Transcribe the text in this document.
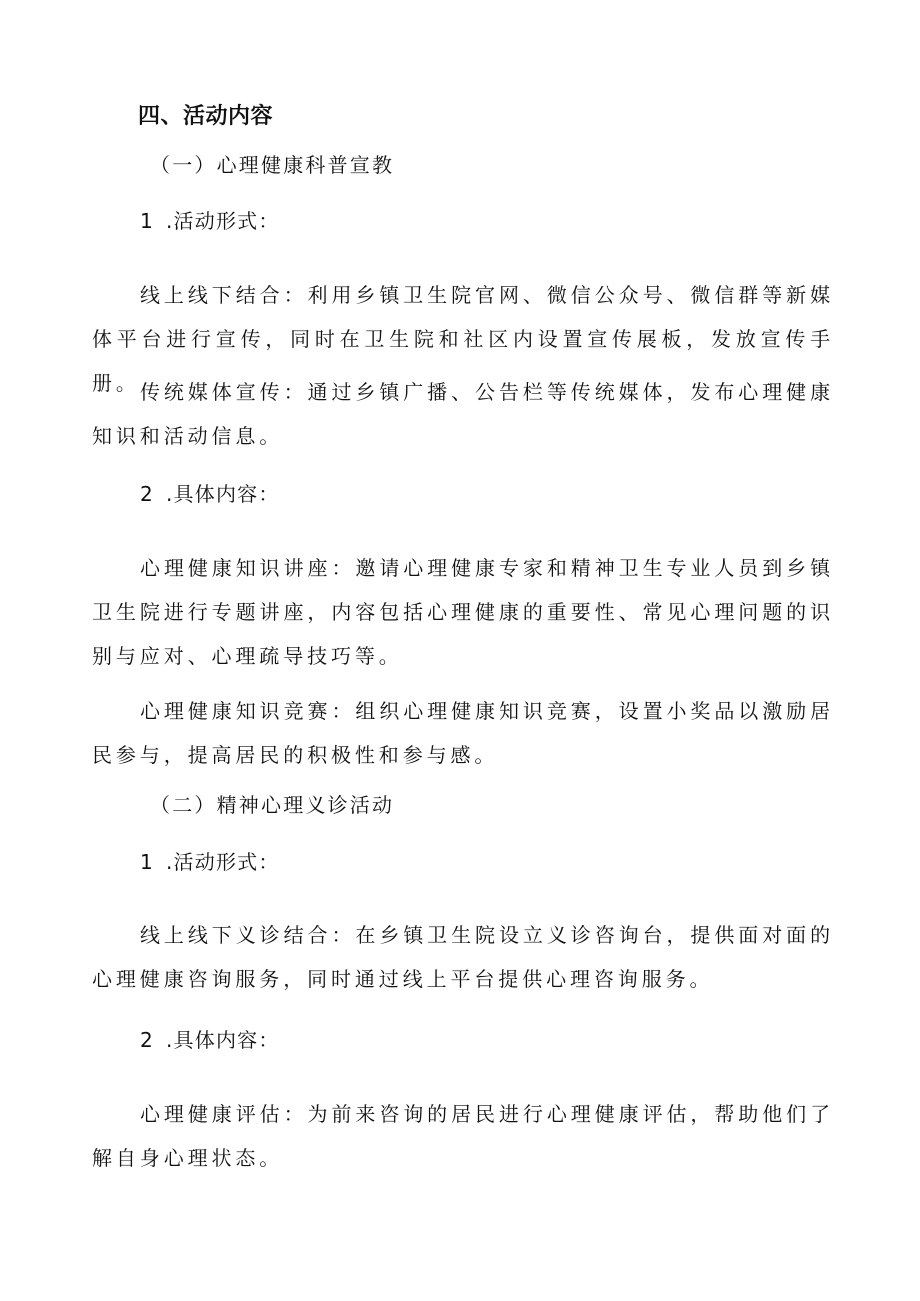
四、活动内容
（一）心理健康科普宣教
1 .活动形式：
线上线下结合：利用乡镇卫生院官网、微信公众号、微信群等新媒体平台进行宣传，同时在卫生院和社区内设置宣传展板，发放宣传手册。 传统媒体宣传：通过乡镇广播、公告栏等传统媒体，发布心理健康知识和活动信息。
2 .具体内容：
心理健康知识讲座：邀请心理健康专家和精神卫生专业人员到乡镇卫生院进行专题讲座，内容包括心理健康的重要性、常见心理问题的识别与应对、心理疏导技巧等。
心理健康知识竞赛：组织心理健康知识竞赛，设置小奖品以激励居民参与，提高居民的积极性和参与感。
（二）精神心理义诊活动
1 .活动形式：
线上线下义诊结合：在乡镇卫生院设立义诊咨询台，提供面对面的心理健康咨询服务，同时通过线上平台提供心理咨询服务。
2 .具体内容：
心理健康评估：为前来咨询的居民进行心理健康评估，帮助他们了解自身心理状态。
